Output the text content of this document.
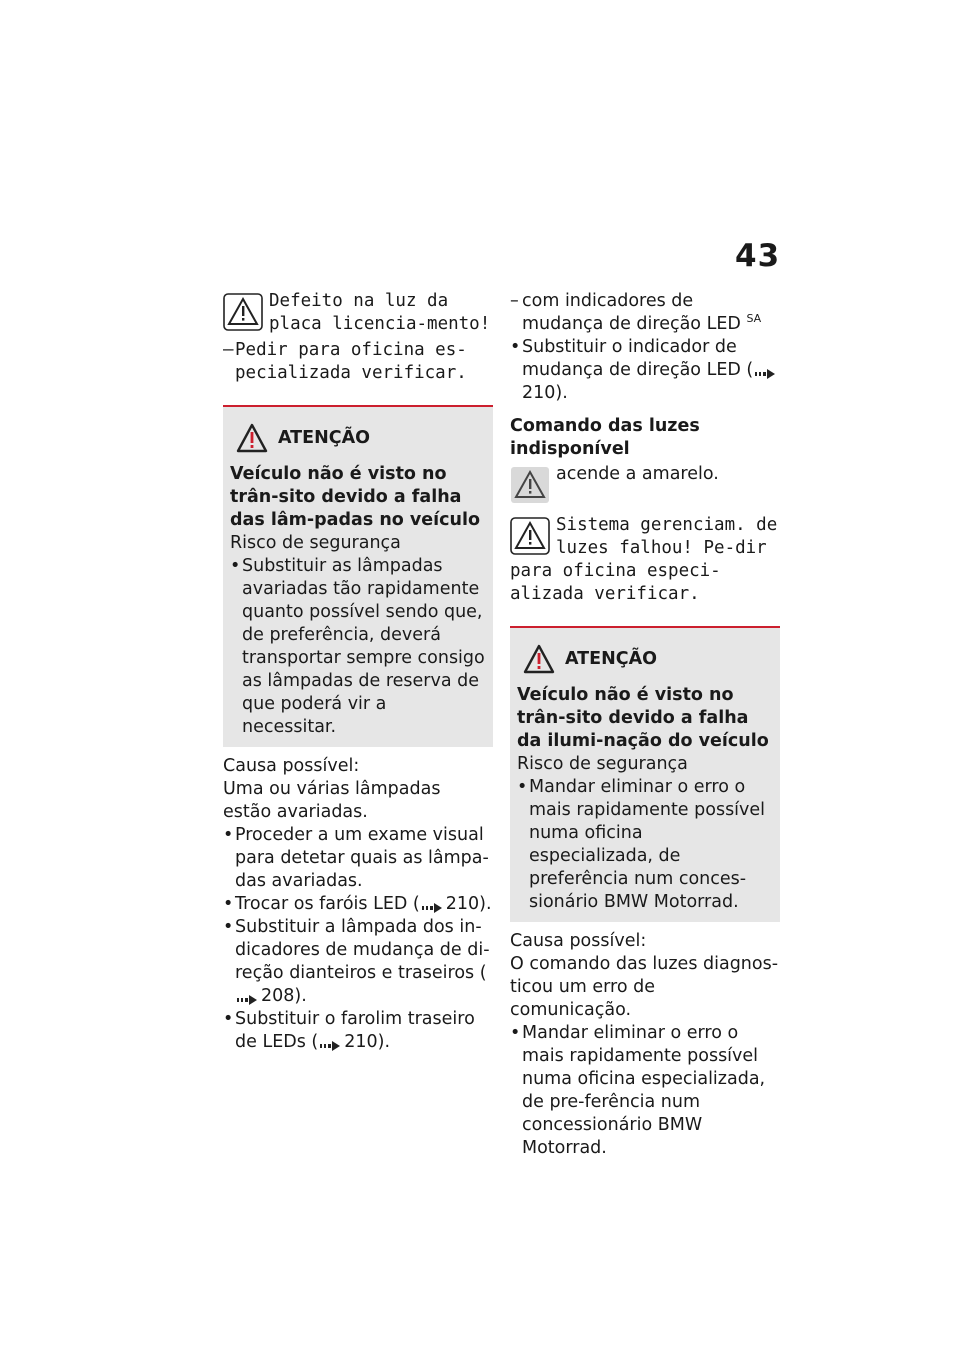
43
Defeito na luz da placa licencia-mento!
– Pedir para oficina es-pecializada verificar.
ATENÇÃO
Veículo não é visto no trân-sito devido a falha das lâm-padas no veículo
Risco de segurança
• Substituir as lâmpadas avariadas tão rapidamente quanto possível sendo que, de preferência, deverá transportar sempre consigo as lâmpadas de reserva de que poderá vir a necessitar.
Causa possível:
Uma ou várias lâmpadas estão avariadas.
• Proceder a um exame visual para detetar quais as lâmpa-das avariadas.
• Trocar os faróis LED ( 210).
• Substituir a lâmpada dos in-dicadores de mudança de di-reção dianteiros e traseiros (208).
• Substituir o farolim traseiro de LEDs ( 210).
– com indicadores de mudança de direção LED $^{SA}$
• Substituir o indicador de mudança de direção LED (210).
Comando das luzes indisponível
acende a amarelo.
Sistema gerenciam. de luzes falhou! Pe-dir para oficina especi-alizada verificar.
ATENÇÃO
Veículo não é visto no trân-sito devido a falha da ilumi-nação do veículo
Risco de segurança
• Mandar eliminar o erro o mais rapidamente possível numa oficina especializada, de preferência num conces-sionário BMW Motorrad.
Causa possível:
O comando das luzes diagnos-ticou um erro de comunicação.
• Mandar eliminar o erro o mais rapidamente possível numa oficina especializada, de pre-ferência num concessionário BMW Motorrad.
